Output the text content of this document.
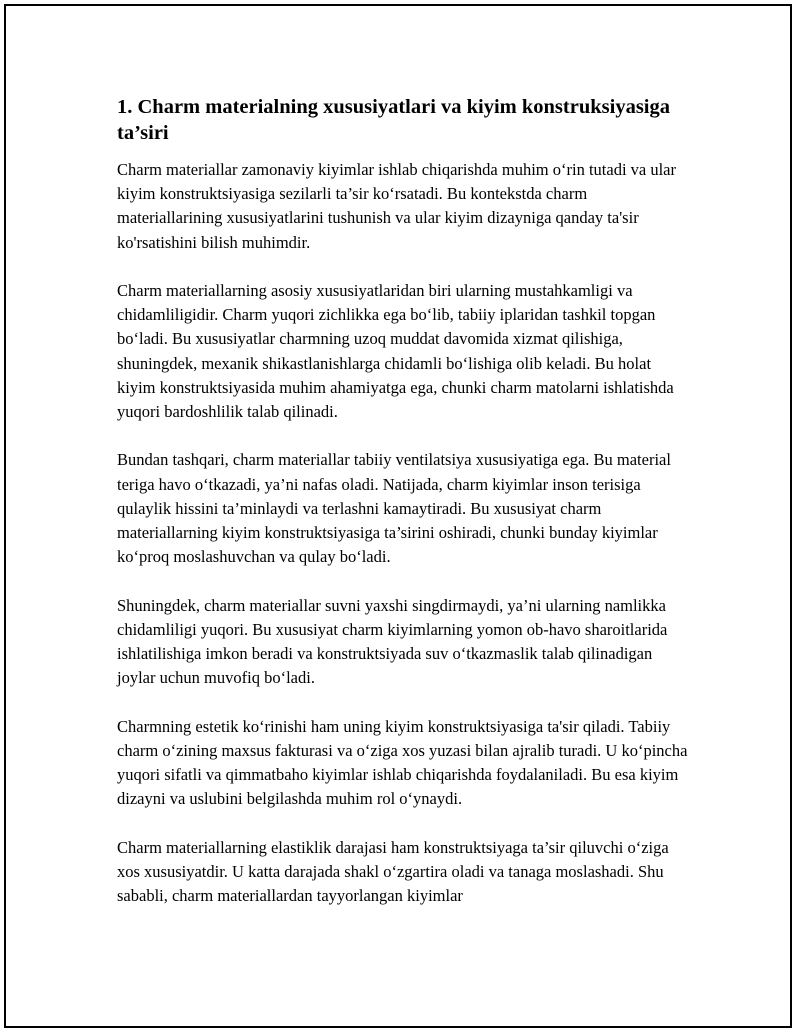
1. Charm materialning xususiyatlari va kiyim konstruksiyasiga ta’siri

Charm materiallar zamonaviy kiyimlar ishlab chiqarishda muhim o‘rin tutadi va ular kiyim konstruktsiyasiga sezilarli ta’sir ko‘rsatadi. Bu kontekstda charm materiallarining xususiyatlarini tushunish va ular kiyim dizayniga qanday ta'sir ko'rsatishini bilish muhimdir.

Charm materiallarning asosiy xususiyatlaridan biri ularning mustahkamligi va chidamliligidir. Charm yuqori zichlikka ega bo‘lib, tabiiy iplaridan tashkil topgan bo‘ladi. Bu xususiyatlar charmning uzoq muddat davomida xizmat qilishiga, shuningdek, mexanik shikastlanishlarga chidamli bo‘lishiga olib keladi. Bu holat kiyim konstruktsiyasida muhim ahamiyatga ega, chunki charm matolarni ishlatishda yuqori bardoshlilik talab qilinadi.

Bundan tashqari, charm materiallar tabiiy ventilatsiya xususiyatiga ega. Bu material teriga havo o‘tkazadi, ya’ni nafas oladi. Natijada, charm kiyimlar inson terisiga qulaylik hissini ta’minlaydi va terlashni kamaytiradi. Bu xususiyat charm materiallarning kiyim konstruktsiyasiga ta’sirini oshiradi, chunki bunday kiyimlar ko‘proq moslashuvchan va qulay bo‘ladi.

Shuningdek, charm materiallar suvni yaxshi singdirmaydi, ya’ni ularning namlikka chidamliligi yuqori. Bu xususiyat charm kiyimlarning yomon ob-havo sharoitlarida ishlatilishiga imkon beradi va konstruktsiyada suv o‘tkazmaslik talab qilinadigan joylar uchun muvofiq bo‘ladi.

Charmning estetik ko‘rinishi ham uning kiyim konstruktsiyasiga ta'sir qiladi. Tabiiy charm o‘zining maxsus fakturasi va o‘ziga xos yuzasi bilan ajralib turadi. U ko‘pincha yuqori sifatli va qimmatbaho kiyimlar ishlab chiqarishda foydalaniladi. Bu esa kiyim dizayni va uslubini belgilashda muhim rol o‘ynaydi.

Charm materiallarning elastiklik darajasi ham konstruktsiyaga ta’sir qiluvchi o‘ziga xos xususiyatdir. U katta darajada shakl o‘zgartira oladi va tanaga moslashadi. Shu sababli, charm materiallardan tayyorlangan kiyimlar
